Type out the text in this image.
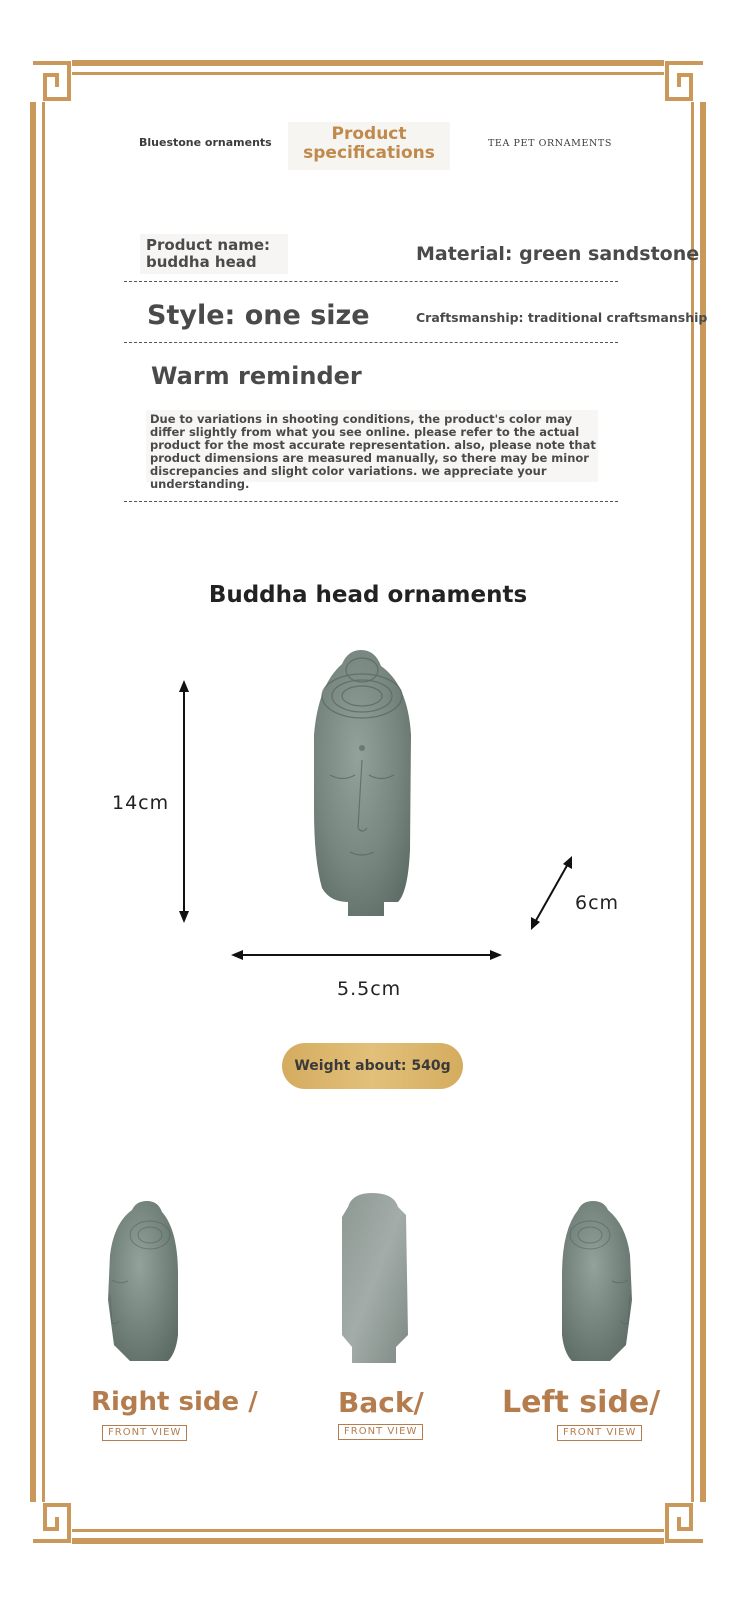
Bluestone ornaments	Product specifications	TEA PET ORNAMENTS
Product name: buddha head	Material: green sandstone
Style: one size	Craftsmanship: traditional craftsmanship
Warm reminder
Due to variations in shooting conditions, the product's color may differ slightly from what you see online. please refer to the actual product for the most accurate representation. also, please note that product dimensions are measured manually, so there may be minor discrepancies and slight color variations. we appreciate your understanding.
Buddha head ornaments
14cm
5.5cm
6cm
Weight about: 540g
Right side /
FRONT VIEW
Back/
FRONT VIEW
Left side/
FRONT VIEW
